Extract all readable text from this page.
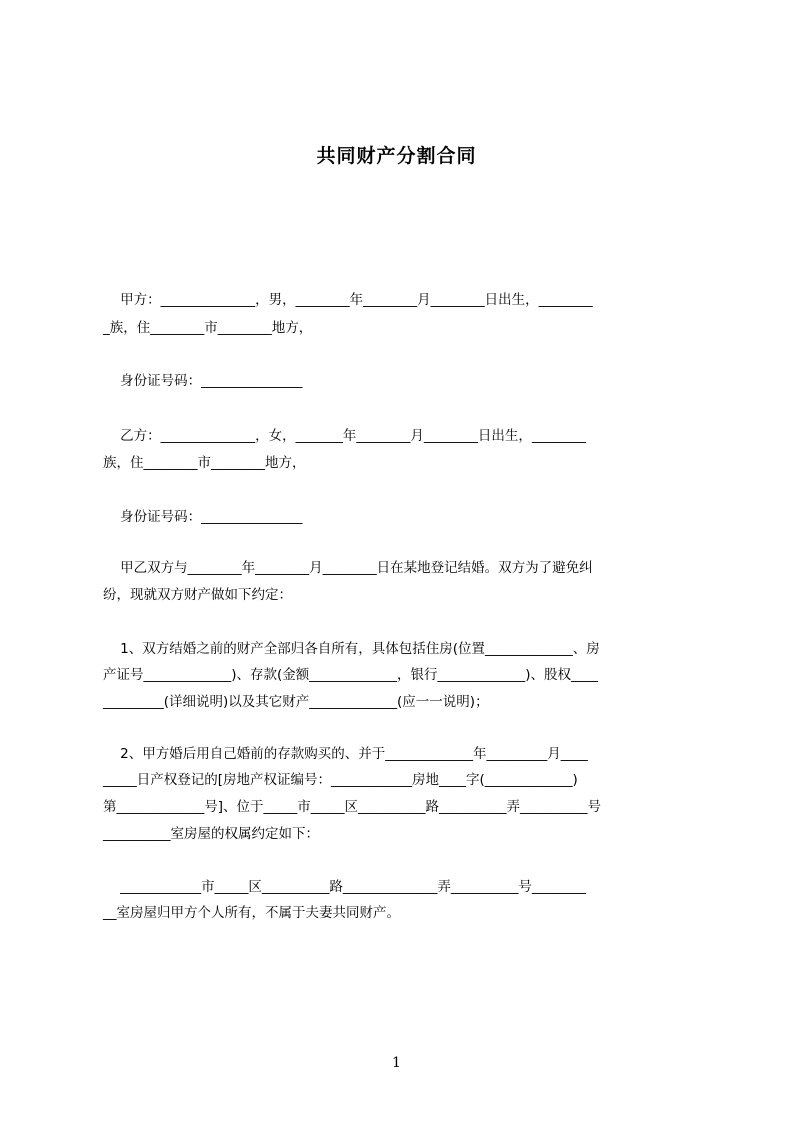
共同财产分割合同
甲方：______________，男，________年________月________日出生，________
_族，住________市________地方，
身份证号码：_______________
乙方：______________，女，_______年________月________日出生，________
族，住________市________地方，
身份证号码：_______________
甲乙双方与________年________月________日在某地登记结婚。双方为了避免纠
纷，现就双方财产做如下约定：
1、双方结婚之前的财产全部归各自所有，具体包括住房(位置_____________、房
产证号_____________)、存款(金额_____________，银行_____________)、股权____
_________(详细说明)以及其它财产_____________(应一一说明)；
2、甲方婚后用自己婚前的存款购买的、并于_____________年_________月____
_____日产权登记的[房地产权证编号：____________房地____字(_____________)
第_____________号]、位于_____市_____区__________路__________弄__________号
__________室房屋的权属约定如下：
____________市_____区__________路______________弄__________号________
__室房屋归甲方个人所有，不属于夫妻共同财产。
1
